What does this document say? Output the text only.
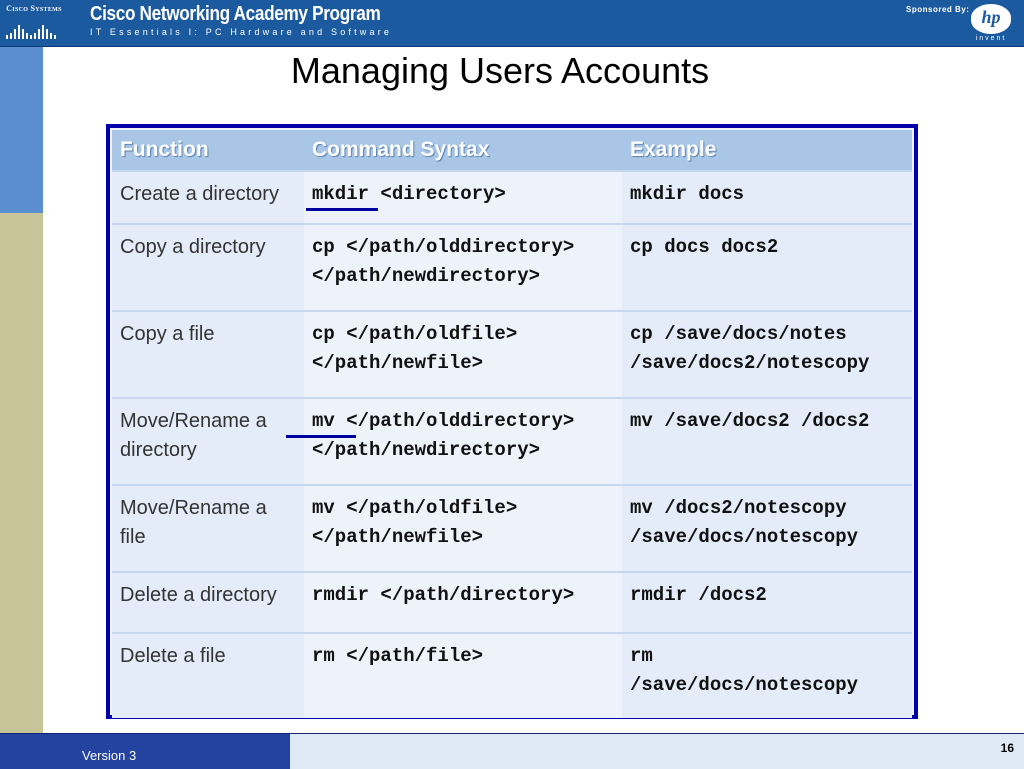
Cisco Systems Cisco Networking Academy Program
IT Essentials I: PC Hardware and Software
Sponsored By: hp
invent
Managing Users Accounts
Function	Command Syntax	Example

Create a directory	mkdir <directory>	mkdir docs

Copy a directory	cp </path/olddirectory>
</path/newdirectory>	cp docs docs2

Copy a file	cp </path/oldfile>
</path/newfile>	cp /save/docs/notes
/save/docs2/notescopy

Move/Rename a
directory	mv </path/olddirectory>
</path/newdirectory>	mv /save/docs2 /docs2

Move/Rename a
file	mv </path/oldfile>
</path/newfile>	mv /docs2/notescopy
/save/docs/notescopy

Delete a directory	rmdir </path/directory>	rmdir /docs2

Delete a file	rm </path/file>	rm
/save/docs/notescopy
Version 3	16
